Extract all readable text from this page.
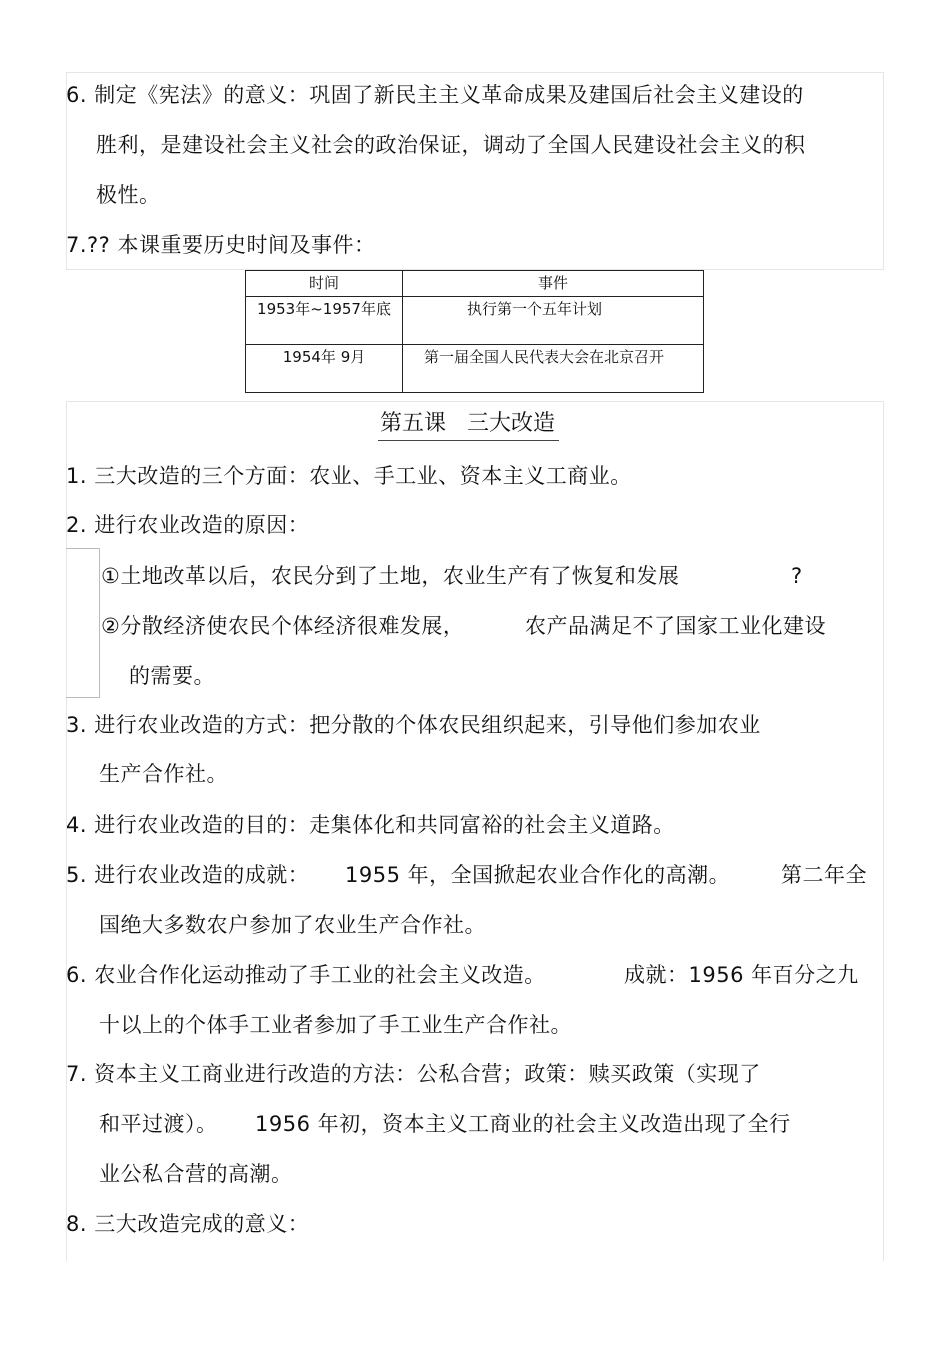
6. 制定《宪法》的意义：巩固了新民主主义革命成果及建国后社会主义建设的
胜利，是建设社会主义社会的政治保证，调动了全国人民建设社会主义的积
极性。
7.?? 本课重要历史时间及事件：
时间	事件
1953年~1957年底	执行第一个五年计划
1954年 9月	第一届全国人民代表大会在北京召开
第五课   三大改造
1. 三大改造的三个方面：农业、手工业、资本主义工商业。
2. 进行农业改造的原因：
①土地改革以后，农民分到了土地，农业生产有了恢复和发展	?
②分散经济使农民个体经济很难发展，	农产品满足不了国家工业化建设
的需要。
3. 进行农业改造的方式：把分散的个体农民组织起来，引导他们参加农业
生产合作社。
4. 进行农业改造的目的：走集体化和共同富裕的社会主义道路。
5. 进行农业改造的成就： 1955 年，全国掀起农业合作化的高潮。 第二年全
国绝大多数农户参加了农业生产合作社。
6. 农业合作化运动推动了手工业的社会主义改造。	成就：1956 年百分之九
十以上的个体手工业者参加了手工业生产合作社。
7. 资本主义工商业进行改造的方法：公私合营；政策：赎买政策（实现了
和平过渡）。 1956 年初，资本主义工商业的社会主义改造出现了全行
业公私合营的高潮。
8. 三大改造完成的意义：
